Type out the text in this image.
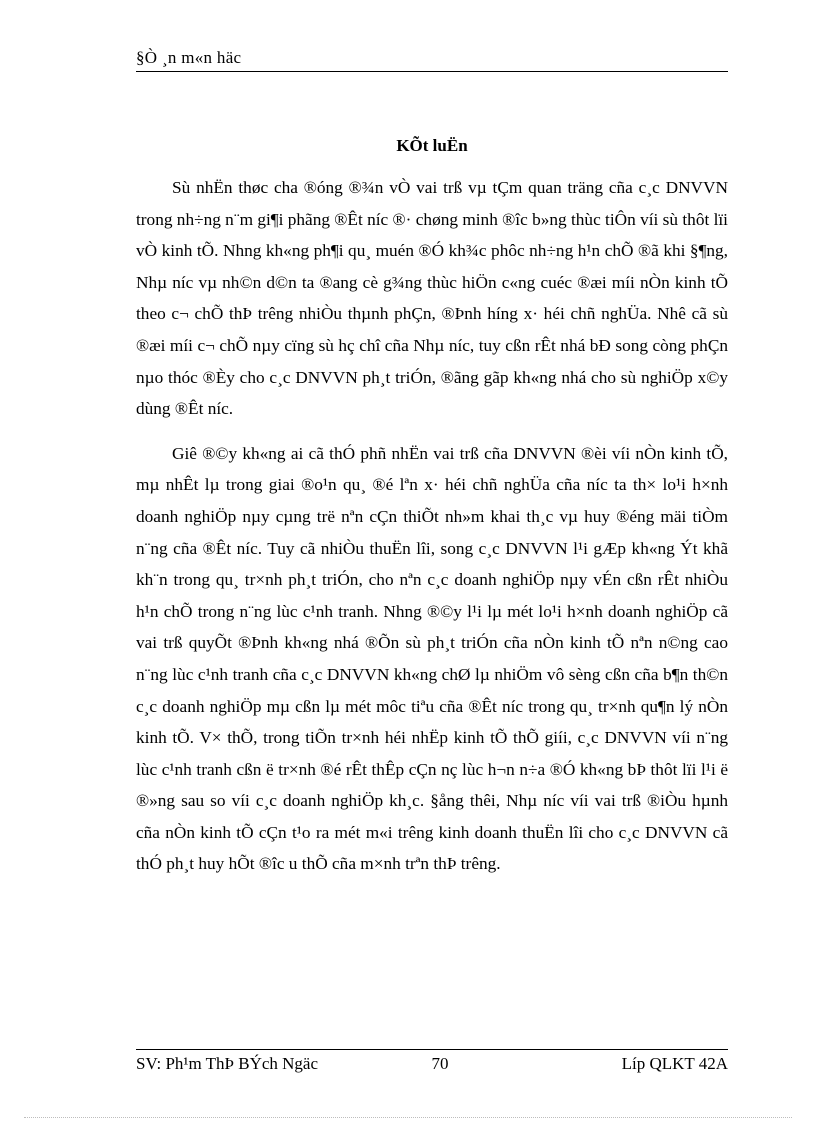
§Ò ¸n m«n häc
KÕt luËn

Sù nhËn thøc cha ®óng ®¾n vÒ vai trß vµ tÇm quan träng cña c¸c DNVVN trong nh÷ng n¨m gi¶i phãng ®Êt níc ®· chøng minh ®îc b»ng thùc tiÔn víi sù thôt lïi vÒ kinh tÕ. Nhng kh«ng ph¶i qu¸ muén ®Ó kh¾c phôc nh÷ng h¹n chÕ ®ã khi §¶ng, Nhµ níc vµ nh©n d©n ta ®ang cè g¾ng thùc hiÖn c«ng cuéc ®æi míi nÒn kinh tÕ theo c¬ chÕ thÞ trêng nhiÒu thµnh phÇn, ®Þnh híng x· héi chñ nghÜa. Nhê cã sù ®æi míi c¬ chÕ nµy cïng sù hç chî cña Nhµ níc, tuy cßn rÊt nhá bÐ song còng phÇn nµo thóc ®Èy cho c¸c DNVVN ph¸t triÓn, ®ãng gãp kh«ng nhá cho sù nghiÖp x©y dùng ®Êt níc.

Giê ®©y kh«ng ai cã thÓ phñ nhËn vai trß cña DNVVN ®èi víi nÒn kinh tÕ, mµ nhÊt lµ trong giai ®o¹n qu¸ ®é lªn x· héi chñ nghÜa cña níc ta th× lo¹i h×nh doanh nghiÖp nµy cµng trë nªn cÇn thiÕt nh»m khai th¸c vµ huy ®éng mäi tiÒm n¨ng cña ®Êt níc. Tuy cã nhiÒu thuËn lîi, song c¸c DNVVN l¹i gÆp kh«ng Ýt khã kh¨n trong qu¸ tr×nh ph¸t triÓn, cho nªn c¸c doanh nghiÖp nµy vÉn cßn rÊt nhiÒu h¹n chÕ trong n¨ng lùc c¹nh tranh. Nhng ®©y l¹i lµ mét lo¹i h×nh doanh nghiÖp cã vai trß quyÕt ®Þnh kh«ng nhá ®Õn sù ph¸t triÓn cña nÒn kinh tÕ nªn n©ng cao n¨ng lùc c¹nh tranh cña c¸c DNVVN kh«ng chØ lµ nhiÖm vô sèng cßn cña b¶n th©n c¸c doanh nghiÖp mµ cßn lµ mét môc tiªu cña ®Êt níc trong qu¸ tr×nh qu¶n lý nÒn kinh tÕ. V× thÕ, trong tiÕn tr×nh héi nhËp kinh tÕ thÕ giíi, c¸c DNVVN víi n¨ng lùc c¹nh tranh cßn ë tr×nh ®é rÊt thÊp cÇn nç lùc h¬n n÷a ®Ó kh«ng bÞ thôt lïi l¹i ë ®»ng sau so víi c¸c doanh nghiÖp kh¸c. §ång thêi, Nhµ níc víi vai trß ®iÒu hµnh cña nÒn kinh tÕ cÇn t¹o ra mét m«i trêng kinh doanh thuËn lîi cho c¸c DNVVN cã thÓ ph¸t huy hÕt ®îc u thÕ cña m×nh trªn thÞ trêng.

SV: Ph¹m ThÞ BÝch Ngäc	70	Líp QLKT 42A
